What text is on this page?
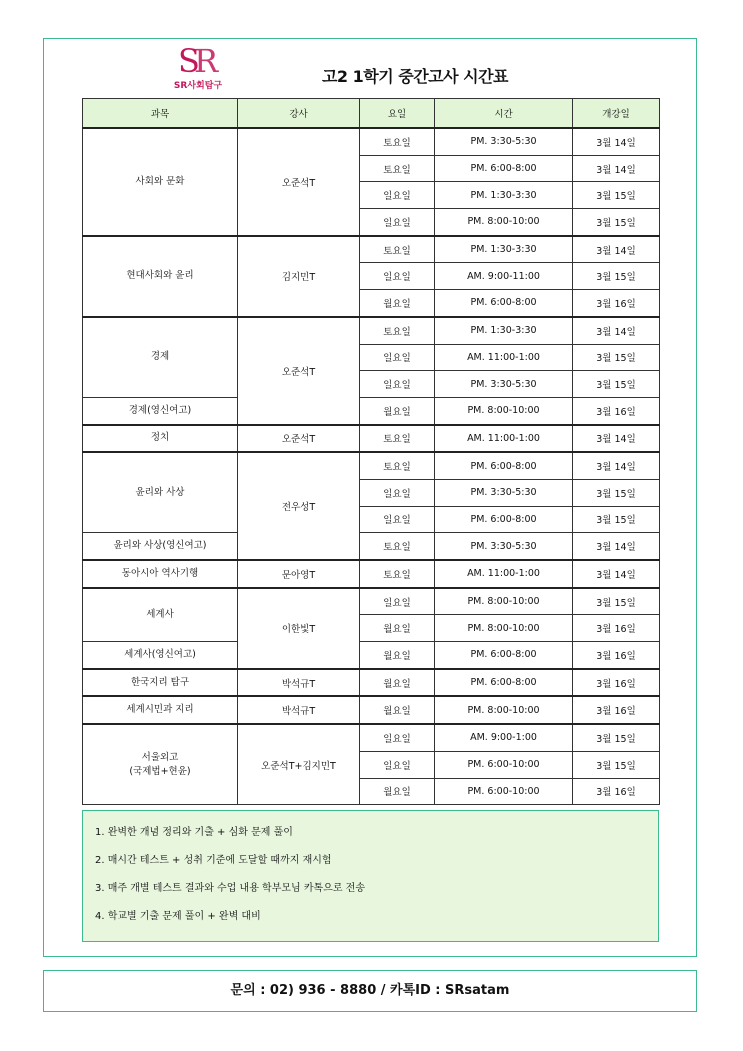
S
R
SR사회탐구	고2 1학기 중간고사 시간표
과목	강사	요일	시간	개강일
사회와 문화	오준석T	토요일	PM. 3:30-5:30	3월 14일
		토요일	PM. 6:00-8:00	3월 14일
		일요일	PM. 1:30-3:30	3월 15일
		일요일	PM. 8:00-10:00	3월 15일
현대사회와 윤리	김지민T	토요일	PM. 1:30-3:30	3월 14일
		일요일	AM. 9:00-11:00	3월 15일
		월요일	PM. 6:00-8:00	3월 16일
경제	오준석T	토요일	PM. 1:30-3:30	3월 14일
		일요일	AM. 11:00-1:00	3월 15일
		일요일	PM. 3:30-5:30	3월 15일
경제(영신여고)		월요일	PM. 8:00-10:00	3월 16일
정치	오준석T	토요일	AM. 11:00-1:00	3월 14일
윤리와 사상	전우성T	토요일	PM. 6:00-8:00	3월 14일
		일요일	PM. 3:30-5:30	3월 15일
		일요일	PM. 6:00-8:00	3월 15일
윤리와 사상(영신여고)		토요일	PM. 3:30-5:30	3월 14일
동아시아 역사기행	문아영T	토요일	AM. 11:00-1:00	3월 14일
세계사	이한빛T	일요일	PM. 8:00-10:00	3월 15일
		월요일	PM. 8:00-10:00	3월 16일
세계사(영신여고)		월요일	PM. 6:00-8:00	3월 16일
한국지리 탐구	박석규T	월요일	PM. 6:00-8:00	3월 16일
세계시민과 지리	박석규T	월요일	PM. 8:00-10:00	3월 16일
서울외고
(국제법+현윤)	오준석T+김지민T	일요일	AM. 9:00-1:00	3월 15일
		일요일	PM. 6:00-10:00	3월 15일
		월요일	PM. 6:00-10:00	3월 16일
1. 완벽한 개념 정리와 기출 + 심화 문제 풀이
2. 매시간 테스트 + 성취 기준에 도달할 때까지 재시험
3. 매주 개별 테스트 결과와 수업 내용 학부모님 카톡으로 전송
4. 학교별 기출 문제 풀이 + 완벽 대비
문의 : 02) 936 - 8880 / 카톡ID : SRsatam
